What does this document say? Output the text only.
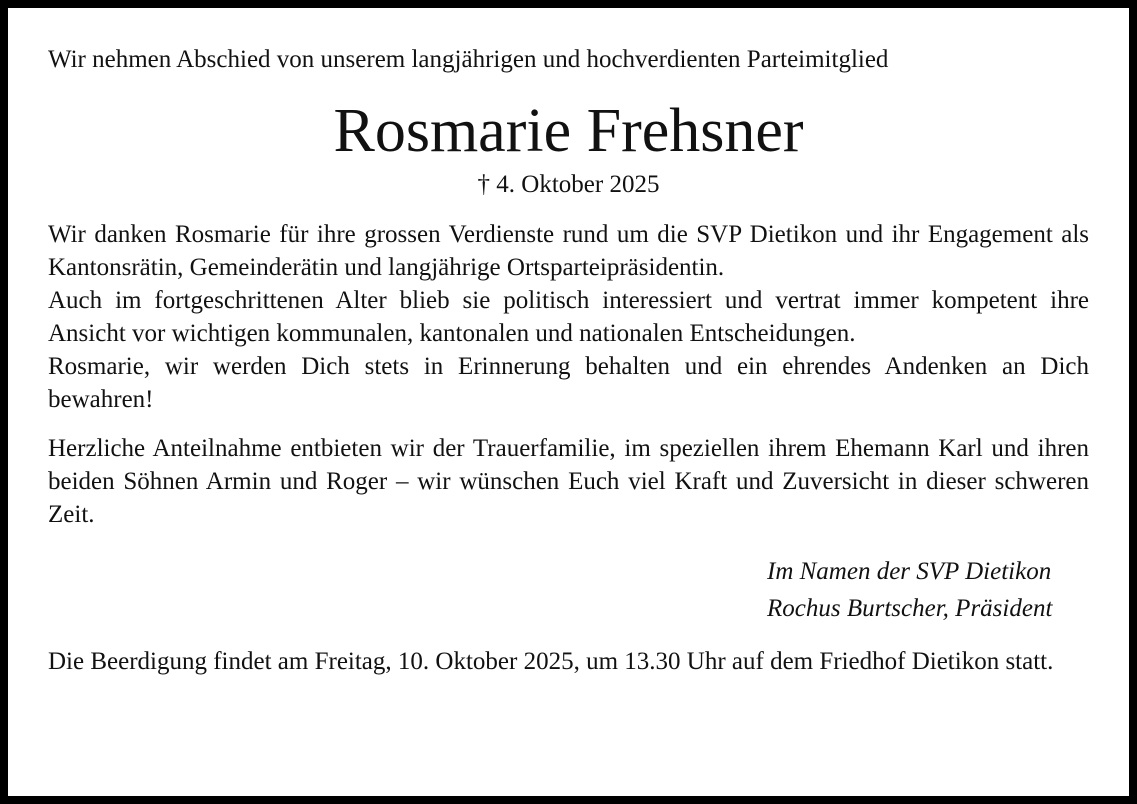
Wir nehmen Abschied von unserem langjährigen und hochverdienten Parteimitglied

Rosmarie Frehsner

† 4. Oktober 2025

Wir danken Rosmarie für ihre grossen Verdienste rund um die SVP Dietikon und ihr Engagement als Kantonsrätin, Gemeinderätin und langjährige Ortsparteipräsidentin.

Auch im fortgeschrittenen Alter blieb sie politisch interessiert und vertrat immer kompetent ihre Ansicht vor wichtigen kommunalen, kantonalen und nationalen Entscheidungen.

Rosmarie, wir werden Dich stets in Erinnerung behalten und ein ehrendes Andenken an Dich bewahren!

Herzliche Anteilnahme entbieten wir der Trauerfamilie, im speziellen ihrem Ehemann Karl und ihren beiden Söhnen Armin und Roger – wir wünschen Euch viel Kraft und Zuversicht in dieser schweren Zeit.

Im Namen der SVP Dietikon
Rochus Burtscher, Präsident

Die Beerdigung findet am Freitag, 10. Oktober 2025, um 13.30 Uhr auf dem Friedhof Dietikon statt.
